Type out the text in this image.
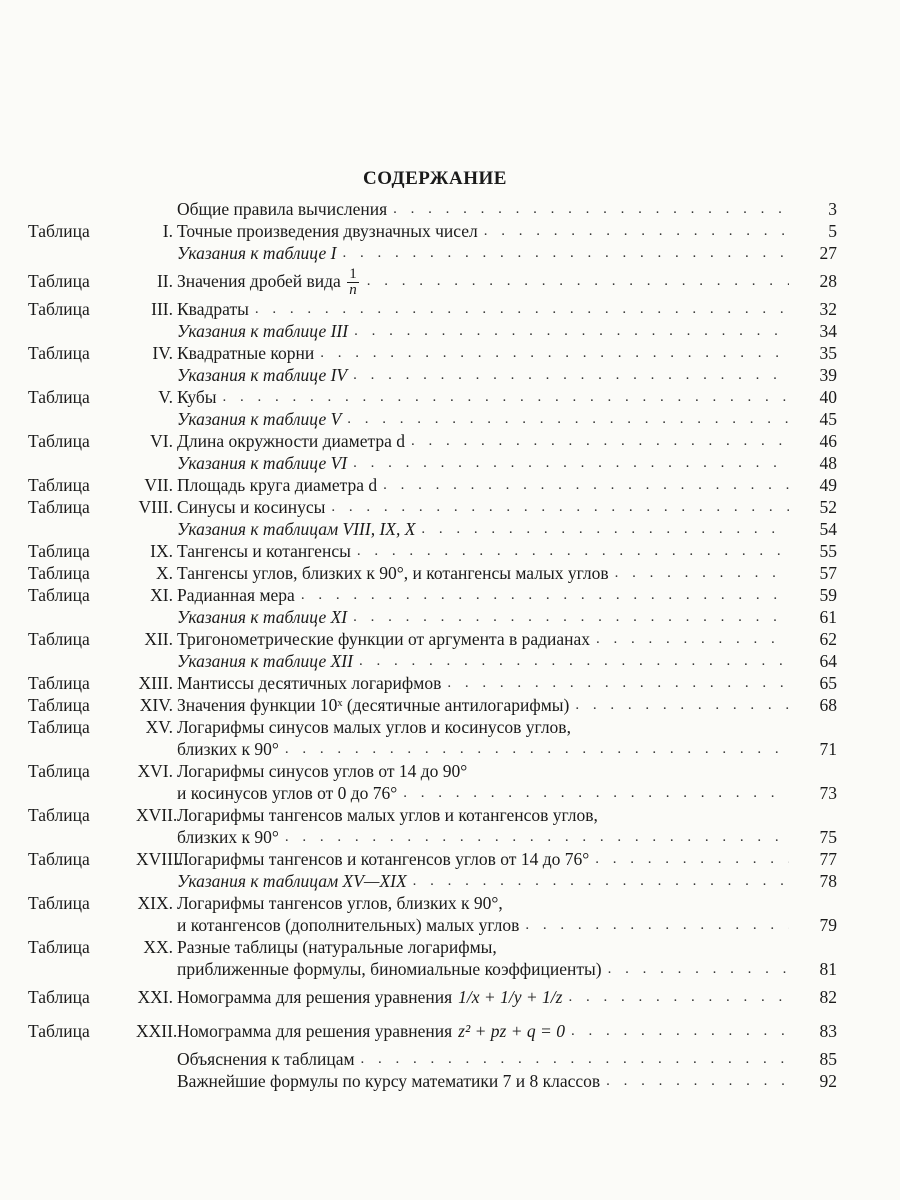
СОДЕРЖАНИЕ
Общие правила вычисления . . .	3
Таблица	I. Точные произведения двузначных чисел . . .	5
Указания к таблице I . . .	27
Таблица	II. Значения дробей вида $\frac{1}{n}$ . . .	28
Таблица	III. Квадраты . . .	32
Указания к таблице III . . .	34
Таблица	IV. Квадратные корни . . .	35
Указания к таблице IV . . .	39
Таблица	V. Кубы . . .	40
Указания к таблице V . . .	45
Таблица	VI. Длина окружности диаметра d . . .	46
Указания к таблице VI . . .	48
Таблица	VII. Площадь круга диаметра d . . .	49
Таблица	VIII. Синусы и косинусы . . .	52
Указания к таблицам VIII, IX, X . . .	54
Таблица	IX. Тангенсы и котангенсы . . .	55
Таблица	X. Тангенсы углов, близких к 90°, и котангенсы малых углов . . .	57
Таблица	XI. Радианная мера . . .	59
Указания к таблице XI . . .	61
Таблица	XII. Тригонометрические функции от аргумента в радианах . . .	62
Указания к таблице XII . . .	64
Таблица	XIII. Мантиссы десятичных логарифмов . . .	65
Таблица	XIV. Значения функции 10ˣ (десятичные антилогарифмы) . . .	68
Таблица	XV. Логарифмы синусов малых углов и косинусов углов,
близких к 90° . . .	71
Таблица	XVI. Логарифмы синусов углов от 14 до 90°
и косинусов углов от 0 до 76° . . .	73
Таблица	XVII. Логарифмы тангенсов малых углов и котангенсов углов,
близких к 90° . . .	75
Таблица	XVIII.
Логарифмы тангенсов и котангенсов углов от 14 до 76° . . .	77
Указания к таблицам XV—XIX . . .	78
Таблица	XIX. Логарифмы тангенсов углов, близких к 90°,
и котангенсов (дополнительных) малых углов . . .	79
Таблица	XX. Разные таблицы (натуральные логарифмы,
приближенные формулы, биномиальные коэффициенты) . . .	81
Таблица	XXI. Номограмма для решения уравнения 1/x + 1/y + 1/z . . .	82
Таблица	XXII. Номограмма для решения уравнения z² + pz + q = 0 . . .	83
Объяснения к таблицам . . .	85
Важнейшие формулы по курсу математики 7 и 8 классов . . .	92
